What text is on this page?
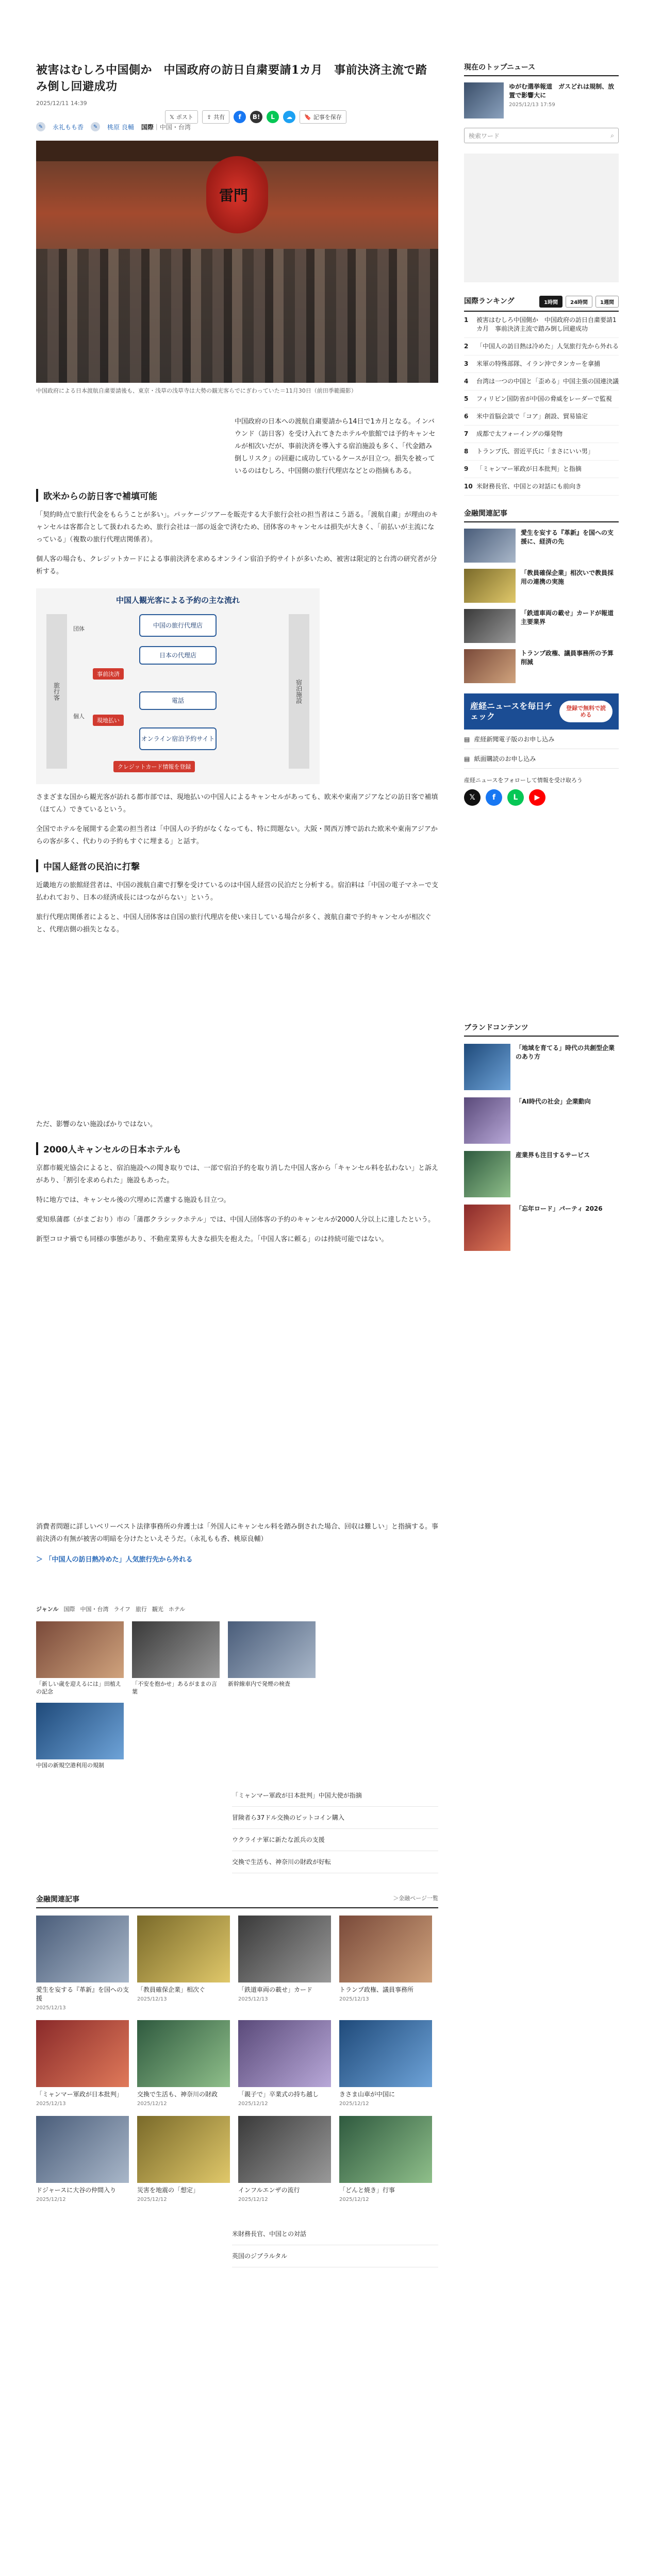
被害はむしろ中国側か　中国政府の訪日自粛要請1カ月　事前決済主流で踏み倒し回避成功
2025/12/11 14:39
✎	永礼もも香	✎	桃原 良輔 国際｜中国・台湾
雷門
中国政府による日本渡航自粛要請後も、東京・浅草の浅草寺は大勢の観光客らでにぎわっていた＝11月30日（前田季範撮影）
中国政府の日本への渡航自粛要請から14日で1カ月となる。インバウンド（訪日客）を受け入れてきたホテルや旅館では予約キャンセルが相次いだが、事前決済を導入する宿泊施設も多く、「代金踏み倒しリスク」の回避に成功しているケースが目立つ。損失を被っているのはむしろ、中国側の旅行代理店などとの指摘もある。
欧米からの訪日客で補填可能

「契約時点で旅行代金をもらうことが多い」。パッケージツアーを販売する大手旅行会社の担当者はこう語る。「渡航自粛」が理由のキャンセルは客都合として扱われるため、旅行会社は一部の返金で済むため、団体客のキャンセルは損失が大きく、「前払いが主流になっている」（複数の旅行代理店関係者）。

個人客の場合も、クレジットカードによる事前決済を求めるオンライン宿泊予約サイトが多いため、被害は限定的と台湾の研究者が分析する。

中国人観光客による予約の主な流れ
旅行客	宿泊施設
団体
個人
中国の旅行代理店
日本の代理店
事前決済
電話
現地払い
オンライン宿泊予約サイト
クレジットカード情報を登録

さまざまな国から観光客が訪れる都市部では、現地払いの中国人によるキャンセルがあっても、欧米や東南アジアなどの訪日客で補填（ほてん）できているという。

全国でホテルを展開する企業の担当者は「中国人の予約がなくなっても、特に問題ない。大阪・関西万博で訪れた欧米や東南アジアからの客が多く、代わりの予約もすぐに埋まる」と話す。

中国人経営の民泊に打撃

近畿地方の旅館経営者は、中国の渡航自粛で打撃を受けているのは中国人経営の民泊だと分析する。宿泊料は「中国の電子マネーで支払われており、日本の経済成長にはつながらない」という。

旅行代理店関係者によると、中国人団体客は自国の旅行代理店を使い来日している場合が多く、渡航自粛で予約キャンセルが相次ぐと、代理店側の損失となる。

ただ、影響のない施設ばかりではない。

2000人キャンセルの日本ホテルも

京都市観光協会によると、宿泊施設への聞き取りでは、一部で宿泊予約を取り消した中国人客から「キャンセル料を払わない」と訴えがあり、「割引を求められた」施設もあった。

特に地方では、キャンセル後の穴埋めに苦慮する施設も目立つ。

愛知県蒲郡（がまごおり）市の「蒲郡クラシックホテル」では、中国人団体客の予約のキャンセルが2000人分以上に達したという。

新型コロナ禍でも同様の事態があり、不動産業界も大きな損失を抱えた。「中国人客に頼る」のは持続可能ではない。

消費者問題に詳しいベリーベスト法律事務所の弁護士は「外国人にキャンセル料を踏み倒された場合、回収は難しい」と指摘する。事前決済の有無が被害の明暗を分けたといえそうだ。（永礼もも香、桃原良輔）

＞ 「中国人の訪日熱冷めた」人気旅行先から外れる
ジャンル 国際 中国・台湾 ライフ 旅行 観光 ホテル
「新しい歳を迎えるには」田植えの記念
「不安を抱かせ」あるがままの言葉
新幹線車内で発煙の検査
中国の新規空港利用の規制
「ミャンマー軍政が日本批判」中国大使が指摘
冒険者ら37ドル交換のビットコイン購入
ウクライナ軍に新たな派兵の支援
交換で生活も、神奈川の財政が好転
金融関連記事	＞金融ページ一覧
愛生を妄する『革新』を国への支援
2025/12/13
「教員確保企業」相次ぐ
2025/12/13
「鉄道車両の載せ」カード
2025/12/13
トランプ政権、議員事務所
2025/12/13
「ミャンマー軍政が日本批判」
2025/12/13
交換で生活も、神奈川の財政
2025/12/12
「親子で」卒業式の持ち越し
2025/12/12
きさま山車が中国に
2025/12/12
ドジャースに大谷の仲間入り
2025/12/12
災害を地震の「想定」
2025/12/12
インフルエンザの流行
2025/12/12
「どんと焼き」行事
2025/12/12
米財務長官、中国との対話
英国のジブラルタル
𝕏 ポスト ⇪ 共有	f	B!	L	☁	🔖 記事を保存
現在のトップニュース
ゆがむ選挙報道　ガスどれは規制、放置で影響大に
2025/12/13 17:59
検索ワード	⌕
国際ランキング	1時間	24時間	1週間
1	被害はむしろ中国側か　中国政府の訪日自粛要請1カ月　事前決済主流で踏み倒し回避成功
2	「中国人の訪日熱は冷めた」人気旅行先から外れる
3	米軍の特殊部隊、イラン沖でタンカーを拿捕
4	台湾は一つの中国と「歪める」中国主張の国連決議
5	フィリピン国防省が中国の脅威をレーダーで監視
6	米中首脳会談で「コア」創設、貿易協定
7	成都で太フォーイングの爆発物
8	トランプ氏、習近平氏に「まさにいい男」
9	「ミャンマー軍政が日本批判」と指摘
10 米財務長官、中国との対話にも前向き
金融関連記事
愛生を妄する『革新』を国への支援に、経済の先
「教員確保企業」相次いで教員採用の連携の実施
「鉄道車両の載せ」カードが報道主要業界
トランプ政権、議員事務所の予算削減
産経ニュースを毎日チェック
登録で無料で読める
▤ 産経新聞電子版のお申し込み
▤ 紙面購読のお申し込み
産経ニュースをフォローして情報を受け取ろう
𝕏	f	L	▶
ブランドコンテンツ
「地域を育てる」時代の共創型企業のあり方
「AI時代の社会」企業動向
産業界も注目するサービス
「忘年ロード」パーティ 2026
